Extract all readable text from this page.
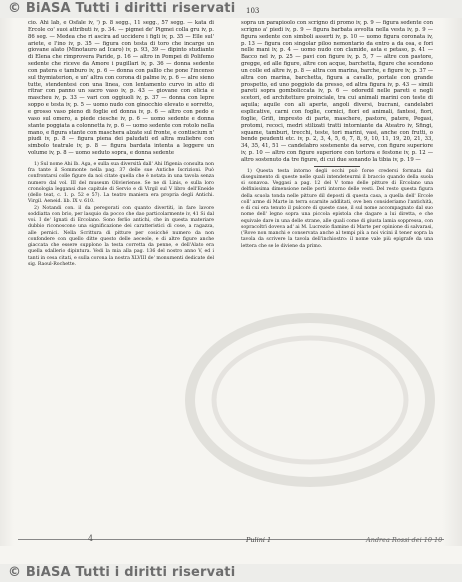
© BiASA Tutti i diritti riservati	103

cio. Ahi lab, e Osfale iv, ') p. 8 segg., 11 segg., 57 segg. — kata di Ercole co' suoi attributi iv, p. 34. — pigmei de' Pigmei colla gru iv, p. 86 seg. — Medea che ri ascira ad uccidere i figli iv, p. 35 — Elle sul' ariete, e l'ino iv, p. 35 — figura con testa di toro che incarge un giovane alato (Minotauro ad Icaro) iv, p. 93, 39 — dipinto studiante di Elena che rimprovera Paride, p. 16 — altro in Pompei di Polifemo sedente che riceve da Amore i pugillari iv, p. 36 — donna sedente con patera e tamburo iv, p. 6 — donna con pallio che pone l'incenso sul thymiaterion, e un' altra con corona di palme iv, p. 6 — alre sieno tutte, stendentesi con una linea, con lentamento curvo in atto di ritrar con panno un sacro vaso iv, p. 43 — giovane con elicia e mascheu iv, p. 33 — vari con oggiuoli iv, p. 37 — donna con lepre soppo e testa iv, p. 5 — uomo nudo con ginocchio elevato e sorretto, e grosso vaso pieno di foglie ed donna iv, p. 6 — altro con pedo e vaso sul omero, a piede ciesche iv, p. 6 — uomo sedente e donna stante poggiata a colonnetta iv, p. 6 — uomo sedente con rotolo nella mano, e figura stante con maschera alzate sul fronte, e contiscium n' piudi iv, p. 8 — figura piena dei paludati ed altra muliebre con simbolo teatrale iv, p. 8 — figura bardata intenta a leggere un volume iv, p. 8 — uomo seduto sopra, e donna sedente

1) Sul nome Ahi lb. Aga, e sulla sua diversità dall' Ahi Ifigenia consulta non fra tante il Sommonte nella pag. 37 delle sue Antiche Iscrizioni. Può confrontarsi colle figure da noi citate quella che è notata in una tavola senza numero dal vol. III del museum Olivieriense. Se ne di Linis, e sulla loro cronologia leggansi due capitule di Servio e di Virgil sul V libro dell'Eneide (dello teat, c. 1. p. 52 e 57). La teatro maniera era propria degli Antichi. Virgil. Aeneid. lib. IX v. 610.

2) Notandi con. il da peregorati con quanto divertiti, in fare lavore soddiatta con brio, per lasquio da pocco che dao particolarmente iv, 41 Si dal voi. I de' Ignati di Ercolano. Sono ferlio antichi, che in questa materiare dubbio riconoscono una significazione dei caratteristici di cose, a ragazza, alle pernici. Nella Scrittura di pitture per cosicché numero da non confondere con quello ditte questo delle aeceole, e di altre figure anche giaccata che essere supplono la testa corretta da penne, e dell'Alato era quella sdallerio dipintura. Vedi la mia alla pag. 136 del nostro anno V, ed i tanti in cesa citati, e sulla corona la nostra XLVIII de' monumenti dedicate del sig. Raoul-Rochette.

sopra un parapioolo con scrigno di promo iv, p. 9 — figura sedente con scrigno a' piedi iv, p. 9 — figura barbata avvolta nella vesta iv, p. 9 — figura sedente con simboli asserti iv, p. 10 — uomo figura coronata iv, p. 13 — figura con singolar piloo nemontario da entro a da osa, e fori nelle mani iv, p. 4 — uomo nudo con clamide, asta e petaso, p. 41 — Bacco nel iv, p. 25 — pavi con figure iv, p. 5, 7 — altre con pastore, gregge, ed alle figure, altre con acque, barchetta, figure che scendono un colle ed altre iv, p. 8 — altra con marina, barche, e figure iv, p. 37 — altra con marina, barchetta, figura a cavallo, portale con grande prospetto, ed uno poggiolo da presso, ed altra figura iv, p. 43 — simili pareti sopra gomboliccata iv, p. 6 — odoredil nelle pareti e negli scetori, ed architetture proinciale, tra cui animali marini con teste di aquila; aquile con ali aperte, angoli diversi, bucrani, candelabri esplicative, carni con foglie, cornici, fiori ed animali, fantesi, fiori, foglie, Grifi, impresto di parte, maschere, pastore, patere, Pegasi, protomi, recoci, medri stilizati tratti intorniante da Ateatro iv, Sfingi, squame, tamburi, trecchi, teste, tori marini, vasi, anche con frutti, o bende peudenti etc. iv, p. 2, 3, 4, 5, 6, 7, 8, 9, 10, 11, 19, 20, 21, 33, 34, 35, 41, 51 — candelabro sostenente da serve, con figure superiore iv, p. 10 — altro con figure superiore con tortora e festone iv, p. 12 — altro sostenuto da tre figure, di cui due sonando la tibia iv, p. 19 —

1) Questa testa intorno degli occhi può forse credersi formata dal diseguimento di queste nelle quali intendeteurmi il braccio quando della suola si sonavoa. Veggasi a pag. 12 del V tomo delle pitture di Ercolano una delfinissima dimensione nelle porti intorno delle vesti. Del resto questa figura della scuola tonda nelle pitture dil deposti di questa casa, a quella dell' Ercole coll' arme di Marte in terra scarnite addlitati, ove ben consideriamo l'antichità, e di cui era tenuto il pulcore di queste case, il sul nome accompagnato dal suo nome dell' legno sopra una piccola epistola che dagare a lui diretta, e che equivale dare in una delle strane, alle quali come di giusta lamia soppressa, con sopracoltrì doveva ad' ai M. Lucrezio flamine di Marte per opinione di salvarasi, ('Rove non manchi e conservata anche al tempi più a noi vicini il tener sopra la tavola da scrivere la tavola dell'inchiostro: il nome vale più epigrafe da una lettera che se le diviene da primo.

4	Pulini 1	Andrea Rossi dei 10 10
© BiASA Tutti i diritti riservati
